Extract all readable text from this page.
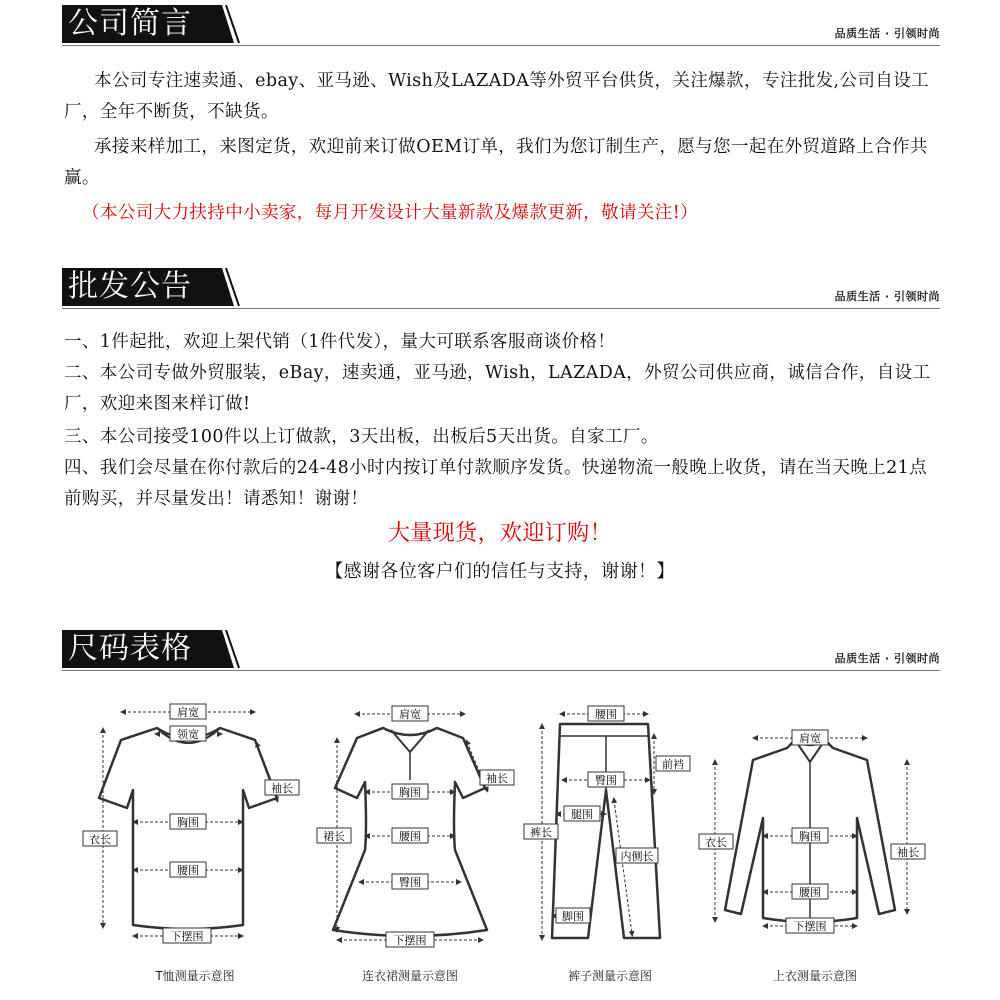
公司简言	品质生活 · 引领时尚

本公司专注速卖通、ebay、亚马逊、Wish及LAZADA等外贸平台供货，关注爆款，专注批发,公司自设工厂，全年不断货，不缺货。

承接来样加工，来图定货，欢迎前来订做OEM订单，我们为您订制生产，愿与您一起在外贸道路上合作共赢。

（本公司大力扶持中小卖家，每月开发设计大量新款及爆款更新，敬请关注!）

批发公告	品质生活 · 引领时尚

一、1件起批，欢迎上架代销（1件代发），量大可联系客服商谈价格！

二、本公司专做外贸服装，eBay，速卖通，亚马逊，Wish，LAZADA，外贸公司供应商，诚信合作，自设工厂，欢迎来图来样订做!

三、本公司接受100件以上订做款，3天出板，出板后5天出货。自家工厂。

四、我们会尽量在你付款后的24-48小时内按订单付款顺序发货。快递物流一般晚上收货，请在当天晚上21点前购买，并尽量发出！请悉知！谢谢！

大量现货，欢迎订购！

【感谢各位客户们的信任与支持，谢谢！】

尺码表格	品质生活 · 引领时尚
肩宽
领宽
袖长
胸围
衣长
腰围
下摆围
T恤测量示意图
肩宽
袖长
胸围
裙长	腰围
臀围
下摆围
连衣裙测量示意图
腰围
前裆
臀围
裤长
腿围
内侧长
脚围
裤子测量示意图
肩宽
胸围
衣长
袖长
腰围
下摆围
上衣测量示意图
